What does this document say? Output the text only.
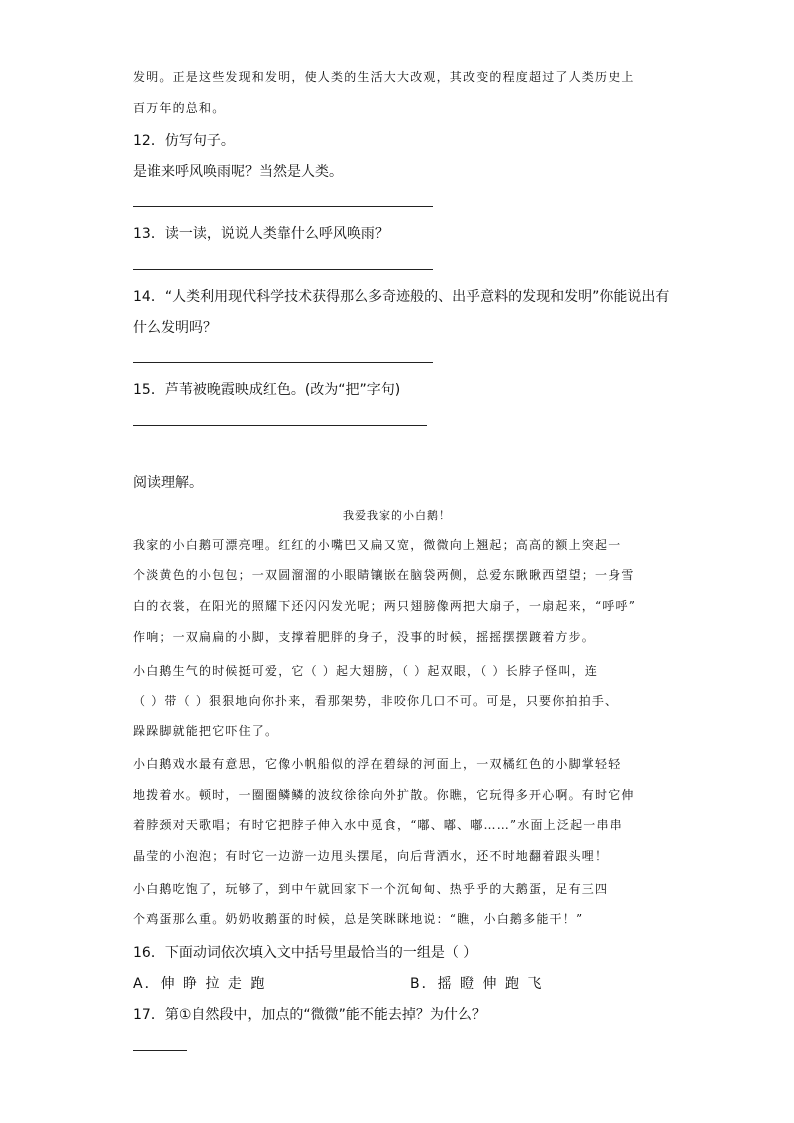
发明。正是这些发现和发明，使人类的生活大大改观，其改变的程度超过了人类历史上
百万年的总和。
12．仿写句子。
是谁来呼风唤雨呢？当然是人类。
13．读一读，说说人类靠什么呼风唤雨？
14．“人类利用现代科学技术获得那么多奇迹般的、出乎意料的发现和发明”你能说出有
什么发明吗？
15．芦苇被晚霞映成红色。(改为“把”字句)
阅读理解。
我爱我家的小白鹅！
我家的小白鹅可漂亮哩。红红的小嘴巴又扁又宽，微微向上翘起；高高的额上突起一
个淡黄色的小包包；一双圆溜溜的小眼睛镶嵌在脑袋两侧，总爱东瞅瞅西望望；一身雪
白的衣裳，在阳光的照耀下还闪闪发光呢；两只翅膀像两把大扇子，一扇起来，“呼呼”
作响；一双扁扁的小脚，支撑着肥胖的身子，没事的时候，摇摇摆摆踱着方步。
小白鹅生气的时候挺可爱，它（ ）起大翅膀，（ ）起双眼，（ ）长脖子怪叫，连
（ ）带（ ）狠狠地向你扑来，看那架势，非咬你几口不可。可是，只要你拍拍手、
跺跺脚就能把它吓住了。
小白鹅戏水最有意思，它像小帆船似的浮在碧绿的河面上，一双橘红色的小脚掌轻轻
地拨着水。顿时，一圈圈鳞鳞的波纹徐徐向外扩散。你瞧，它玩得多开心啊。有时它伸
着脖颈对天歌唱；有时它把脖子伸入水中觅食，“嘟、嘟、嘟……”水面上泛起一串串
晶莹的小泡泡；有时它一边游一边甩头摆尾，向后背洒水，还不时地翻着跟头哩！
小白鹅吃饱了，玩够了，到中午就回家下一个沉甸甸、热乎乎的大鹅蛋，足有三四
个鸡蛋那么重。奶奶收鹅蛋的时候，总是笑眯眯地说：“瞧，小白鹅多能干！”
16．下面动词依次填入文中括号里最恰当的一组是（ ）
A．伸 睁 拉 走 跑	B．摇 瞪 伸 跑 飞
17．第①自然段中，加点的“微微”能不能去掉？为什么？
